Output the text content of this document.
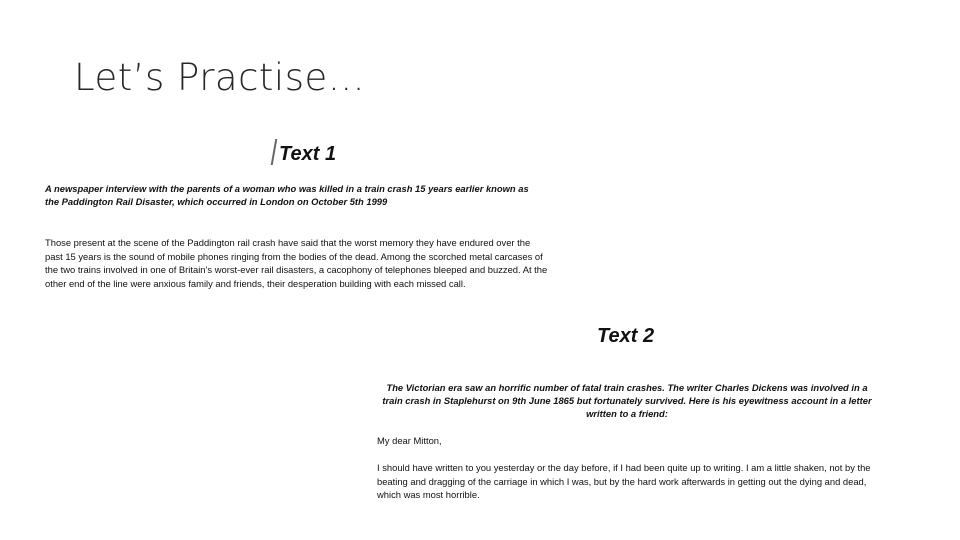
Let’s Practise…
Text 1
A newspaper interview with the parents of a woman who was killed in a train crash 15 years earlier known as the Paddington Rail Disaster, which occurred in London on October 5th 1999
Those present at the scene of the Paddington rail crash have said that the worst memory they have endured over the past 15 years is the sound of mobile phones ringing from the bodies of the dead. Among the scorched metal carcases of the two trains involved in one of Britain’s worst-ever rail disasters, a cacophony of telephones bleeped and buzzed. At the other end of the line were anxious family and friends, their desperation building with each missed call.
Text 2
The Victorian era saw an horrific number of fatal train crashes. The writer Charles Dickens was involved in a train crash in Staplehurst on 9th June 1865 but fortunately survived. Here is his eyewitness account in a letter written to a friend:
My dear Mitton,
I should have written to you yesterday or the day before, if I had been quite up to writing. I am a little shaken, not by the beating and dragging of the carriage in which I was, but by the hard work afterwards in getting out the dying and dead, which was most horrible.
